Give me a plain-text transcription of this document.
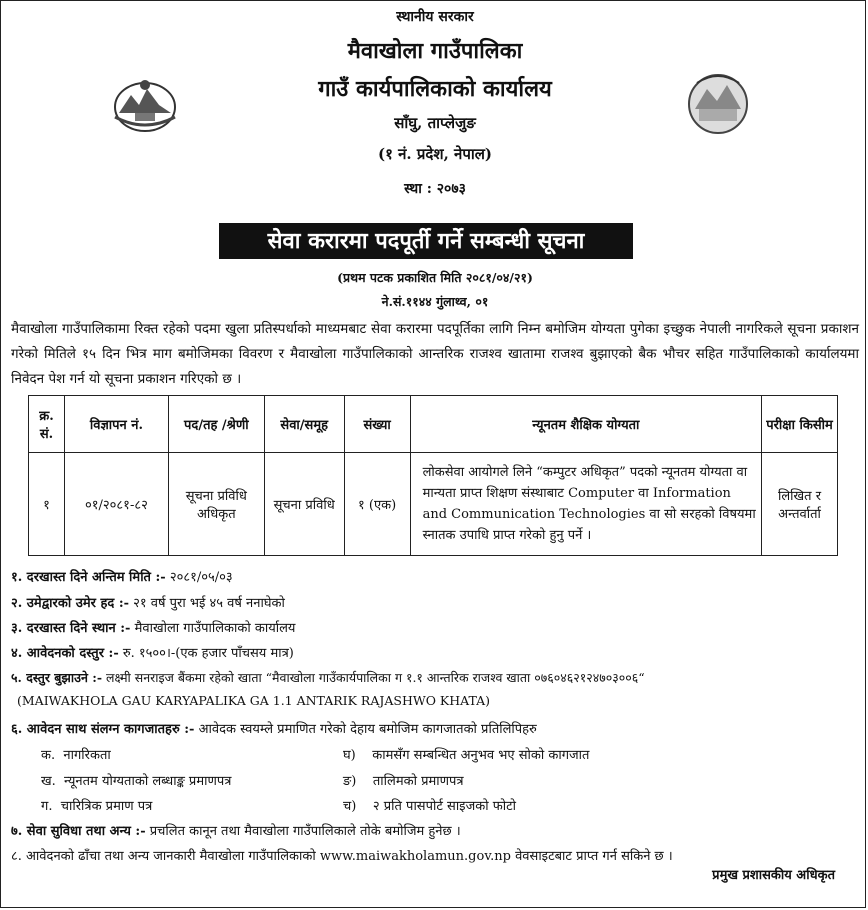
स्थानीय सरकार
मैवाखोला गाउँपालिका
गाउँ कार्यपालिकाको कार्यालय
साँघु, ताप्लेजुङ
(१ नं. प्रदेश, नेपाल)
स्था : २०७३
सेवा करारमा पदपूर्ती गर्ने सम्बन्धी सूचना
(प्रथम पटक प्रकाशित मिति २०८१/०४/२१)
ने.सं.११४४ गुंलाथ्व, ०१
मैवाखोला गाउँपालिकामा रिक्त रहेको पदमा खुला प्रतिस्पर्धाको माध्यमबाट सेवा करारमा पदपूर्तिका लागि निम्न बमोजिम योग्यता पुगेका इच्छुक नेपाली नागरिकले सूचना प्रकाशन गरेको मितिले १५ दिन भित्र माग बमोजिमका विवरण र मैवाखोला गाउँपालिकाको आन्तरिक राजश्व खातामा राजश्व बुझाएको बैक भौचर सहित गाउँपालिकाको कार्यालयमा निवेदन पेश गर्न यो सूचना प्रकाशन गरिएको छ ।
क्र. सं.	विज्ञापन नं.	पद/तह /श्रेणी	सेवा/समूह	संख्या	न्यूनतम शैक्षिक योग्यता	परीक्षा किसीम
१	०१/२०८१-८२	सूचना प्रविधि अधिकृत	सूचना प्रविधि	१ (एक)	लोकसेवा आयोगले लिने “कम्पुटर अधिकृत” पदको न्यूनतम योग्यता वा मान्यता प्राप्त शिक्षण संस्थाबाट Computer वा Information and Communication Technologies वा सो सरहको विषयमा स्नातक उपाधि प्राप्त गरेको हुनु पर्ने ।	लिखित र अन्तर्वार्ता
१. दरखास्त दिने अन्तिम मिति :- २०८१/०५/०३
२. उमेद्वारको उमेर हद :- २१ वर्ष पुरा भई ४५ वर्ष ननाघेको
३. दरखास्त दिने स्थान :- मैवाखोला गाउँपालिकाको कार्यालय
४. आवेदनको दस्तुर :- रु. १५००।-(एक हजार पाँचसय मात्र)
५. दस्तुर बुझाउने :- लक्ष्मी सनराइज बैंकमा रहेको खाता “मैवाखोला गाउँकार्यपालिका ग १.१ आन्तरिक राजश्व खाता ०७६०४६२१२४७०३००६“
(MAIWAKHOLA GAU KARYAPALIKA GA 1.1 ANTARIK RAJASHWO KHATA)
६. आवेदन साथ संलग्न कागजातहरु :- आवेदक स्वयम्ले प्रमाणित गरेको देहाय बमोजिम कागजातको प्रतिलिपिहरु
क. नागरिकता
ख. न्यूनतम योग्यताको लब्धाङ्क प्रमाणपत्र
ग. चारित्रिक प्रमाण पत्र
घ) कामसँग सम्बन्धित अनुभव भए सोको कागजात
ङ) तालिमको प्रमाणपत्र
च) २ प्रति पासपोर्ट साइजको फोटो
७. सेवा सुविधा तथा अन्य :- प्रचलित कानून तथा मैवाखोला गाउँपालिकाले तोके बमोजिम हुनेछ ।
८. आवेदनको ढाँचा तथा अन्य जानकारी मैवाखोला गाउँपालिकाको www.maiwakholamun.gov.np वेवसाइटबाट प्राप्त गर्न सकिने छ ।
प्रमुख प्रशासकीय अधिकृत
